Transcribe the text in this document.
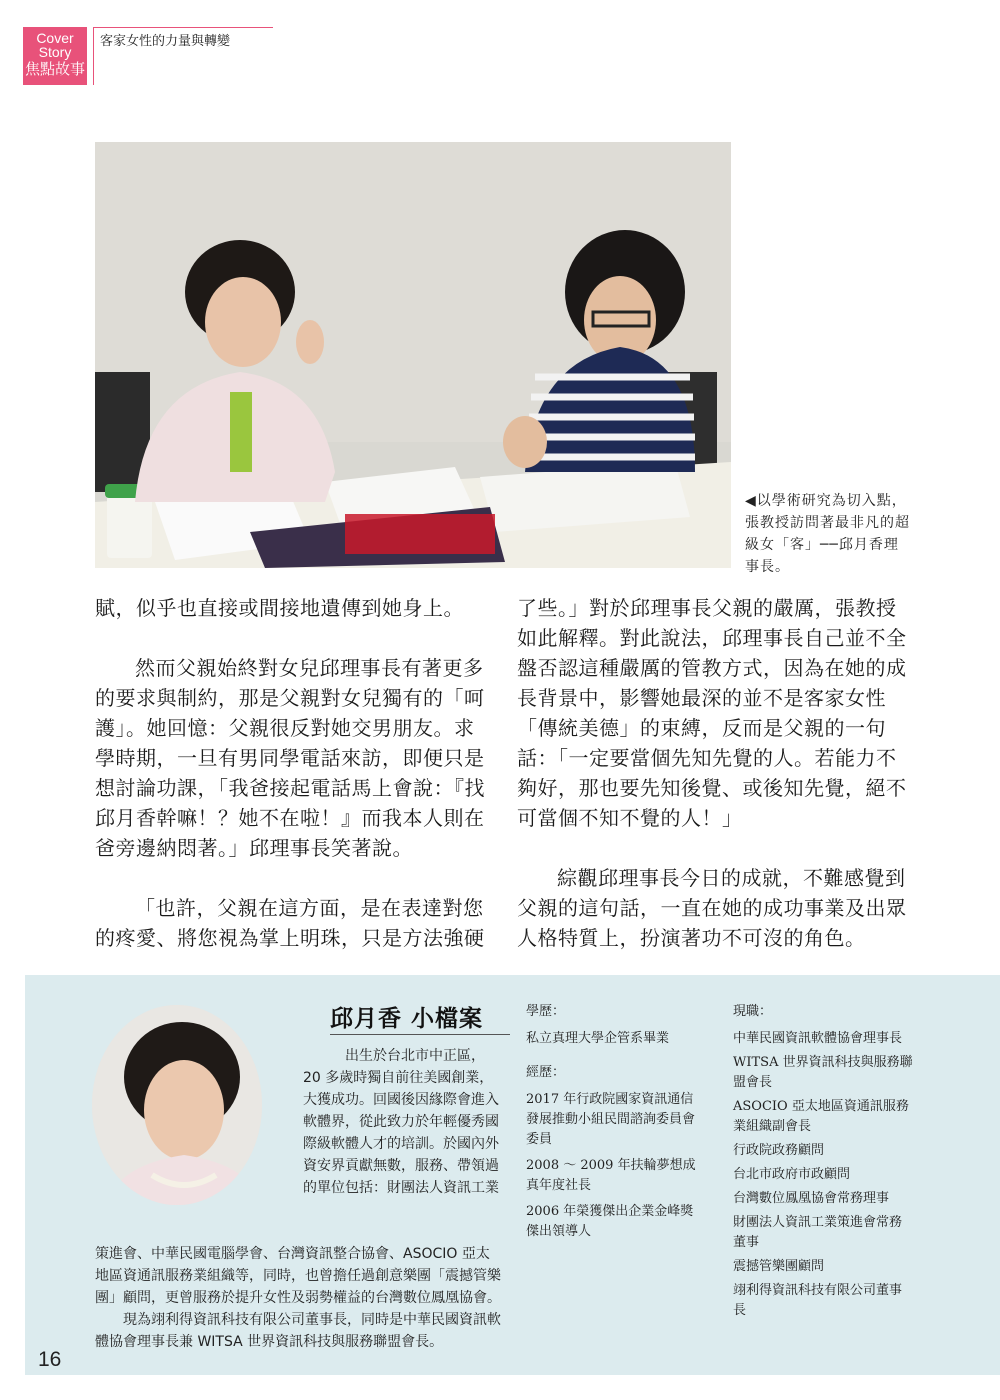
Cover
Story
焦點故事
客家女性的力量與轉變
◀以學術研究為切入點，張教授訪問著最非凡的超級女「客」──邱月香理事長。

賦，似乎也直接或間接地遺傳到她身上。

然而父親始終對女兒邱理事長有著更多的要求與制約，那是父親對女兒獨有的「呵護」。她回憶：父親很反對她交男朋友。求學時期，一旦有男同學電話來訪，即便只是想討論功課，「我爸接起電話馬上會說：『找邱月香幹嘛！？她不在啦！』而我本人則在爸旁邊納悶著。」邱理事長笑著說。

「也許，父親在這方面，是在表達對您的疼愛、將您視為掌上明珠，只是方法強硬

了些。」對於邱理事長父親的嚴厲，張教授如此解釋。對此說法，邱理事長自己並不全盤否認這種嚴厲的管教方式，因為在她的成長背景中，影響她最深的並不是客家女性「傳統美德」的束縛，反而是父親的一句話：「一定要當個先知先覺的人。若能力不夠好，那也要先知後覺、或後知先覺，絕不可當個不知不覺的人！」

綜觀邱理事長今日的成就，不難感覺到父親的這句話，一直在她的成功事業及出眾人格特質上，扮演著功不可沒的角色。

邱月香 小檔案

出生於台北市中正區，20 多歲時獨自前往美國創業，大獲成功。回國後因緣際會進入軟體界，從此致力於年輕優秀國際級軟體人才的培訓。於國內外資安界貢獻無數，服務、帶領過的單位包括：財團法人資訊工業

策進會、中華民國電腦學會、台灣資訊整合協會、ASOCIO 亞太地區資通訊服務業組織等，同時，也曾擔任過創意樂團「震撼管樂團」顧問，更曾服務於提升女性及弱勢權益的台灣數位鳳凰協會。

現為翊利得資訊科技有限公司董事長，同時是中華民國資訊軟體協會理事長兼 WITSA 世界資訊科技與服務聯盟會長。

學歷：

私立真理大學企管系畢業

經歷：

2017 年行政院國家資訊通信發展推動小組民間諮詢委員會委員

2008 ～ 2009 年扶輪夢想成真年度社長

2006 年榮獲傑出企業金峰獎傑出領導人

現職：

中華民國資訊軟體協會理事長

WITSA 世界資訊科技與服務聯盟會長

ASOCIO 亞太地區資通訊服務業組織副會長

行政院政務顧問

台北市政府市政顧問

台灣數位鳳凰協會常務理事

財團法人資訊工業策進會常務董事

震撼管樂團顧問

翊利得資訊科技有限公司董事長

16
